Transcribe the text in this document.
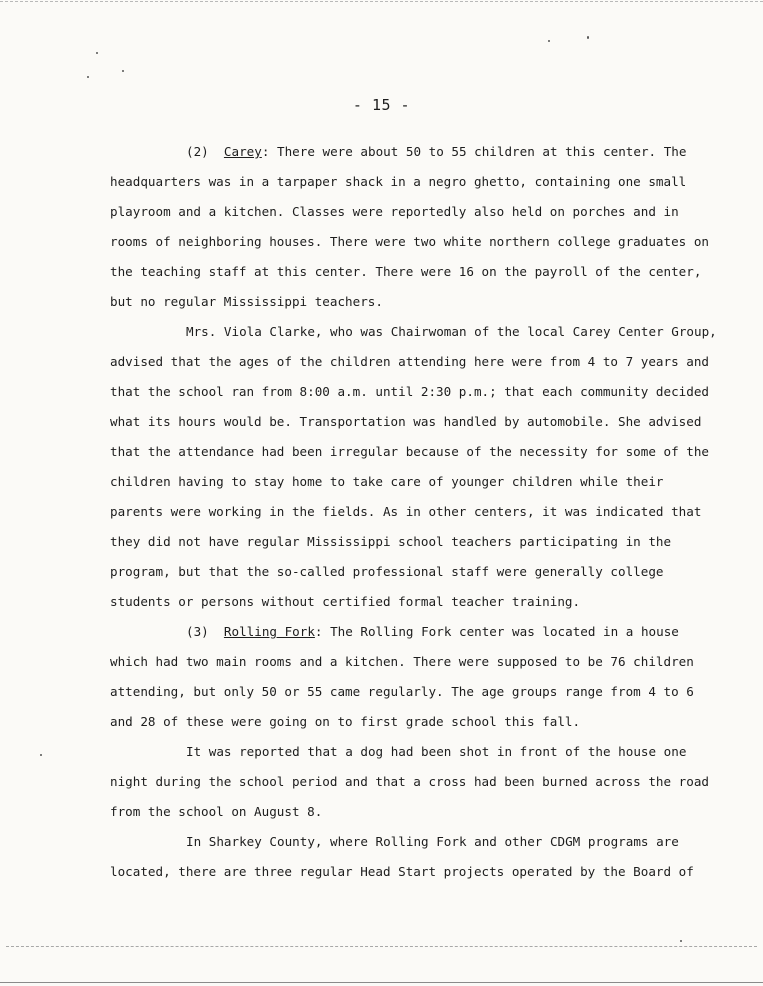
- 15 -

(2) Carey: There were about 50 to 55 children at this center. The headquarters was in a tarpaper shack in a negro ghetto, containing one small playroom and a kitchen. Classes were reportedly also held on porches and in rooms of neighboring houses. There were two white northern college graduates on the teaching staff at this center. There were 16 on the payroll of the center, but no regular Mississippi teachers.

Mrs. Viola Clarke, who was Chairwoman of the local Carey Center Group, advised that the ages of the children attending here were from 4 to 7 years and that the school ran from 8:00 a.m. until 2:30 p.m.; that each community decided what its hours would be. Transportation was handled by automobile. She advised that the attendance had been irregular because of the necessity for some of the children having to stay home to take care of younger children while their parents were working in the fields. As in other centers, it was indicated that they did not have regular Mississippi school teachers participating in the program, but that the so-called professional staff were generally college students or persons without certified formal teacher training.

(3) Rolling Fork: The Rolling Fork center was located in a house which had two main rooms and a kitchen. There were supposed to be 76 children attending, but only 50 or 55 came regularly. The age groups range from 4 to 6 and 28 of these were going on to first grade school this fall.

It was reported that a dog had been shot in front of the house one night during the school period and that a cross had been burned across the road from the school on August 8.

In Sharkey County, where Rolling Fork and other CDGM programs are located, there are three regular Head Start projects operated by the Board of
